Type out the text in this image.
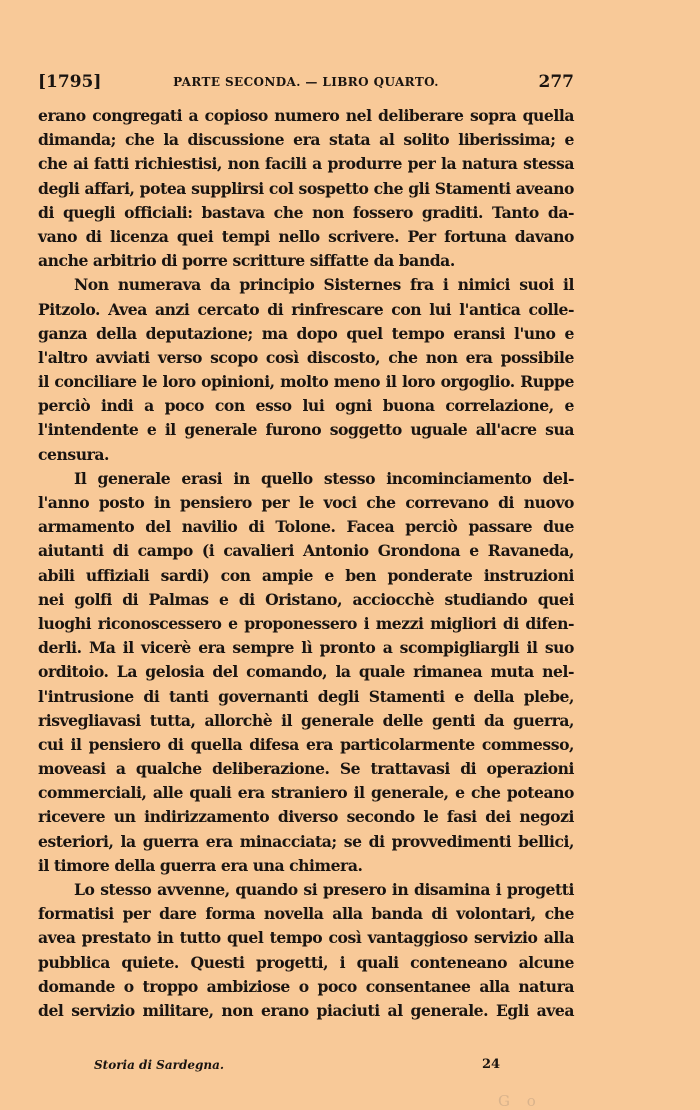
[1795]	PARTE SECONDA. — LIBRO QUARTO.	277
erano congregati a copioso numero nel deliberare sopra quella
dimanda; che la discussione era stata al solito liberissima; e
che ai fatti richiestisi, non facili a produrre per la natura stessa
degli affari, potea supplirsi col sospetto che gli Stamenti aveano
di quegli officiali: bastava che non fossero graditi. Tanto da-
vano di licenza quei tempi nello scrivere. Per fortuna davano
anche arbitrio di porre scritture siffatte da banda.
Non numerava da principio Sisternes fra i nimici suoi il
Pitzolo. Avea anzi cercato di rinfrescare con lui l'antica colle-
ganza della deputazione; ma dopo quel tempo eransi l'uno e
l'altro avviati verso scopo così discosto, che non era possibile
il conciliare le loro opinioni, molto meno il loro orgoglio. Ruppe
perciò indi a poco con esso lui ogni buona correlazione, e
l'intendente e il generale furono soggetto uguale all'acre sua
censura.
Il generale erasi in quello stesso incominciamento del-
l'anno posto in pensiero per le voci che correvano di nuovo
armamento del navilio di Tolone. Facea perciò passare due
aiutanti di campo (i cavalieri Antonio Grondona e Ravaneda,
abili uffiziali sardi) con ampie e ben ponderate instruzioni
nei golfi di Palmas e di Oristano, acciocchè studiando quei
luoghi riconoscessero e proponessero i mezzi migliori di difen-
derli. Ma il vicerè era sempre lì pronto a scompigliargli il suo
orditoio. La gelosia del comando, la quale rimanea muta nel-
l'intrusione di tanti governanti degli Stamenti e della plebe,
risvegliavasi tutta, allorchè il generale delle genti da guerra,
cui il pensiero di quella difesa era particolarmente commesso,
moveasi a qualche deliberazione. Se trattavasi di operazioni
commerciali, alle quali era straniero il generale, e che poteano
ricevere un indirizzamento diverso secondo le fasi dei negozi
esteriori, la guerra era minacciata; se di provvedimenti bellici,
il timore della guerra era una chimera.
Lo stesso avvenne, quando si presero in disamina i progetti
formatisi per dare forma novella alla banda di volontari, che
avea prestato in tutto quel tempo così vantaggioso servizio alla
pubblica quiete. Questi progetti, i quali conteneano alcune
domande o troppo ambiziose o poco consentanee alla natura
del servizio militare, non erano piaciuti al generale. Egli avea
Storia di Sardegna.	24
G o
